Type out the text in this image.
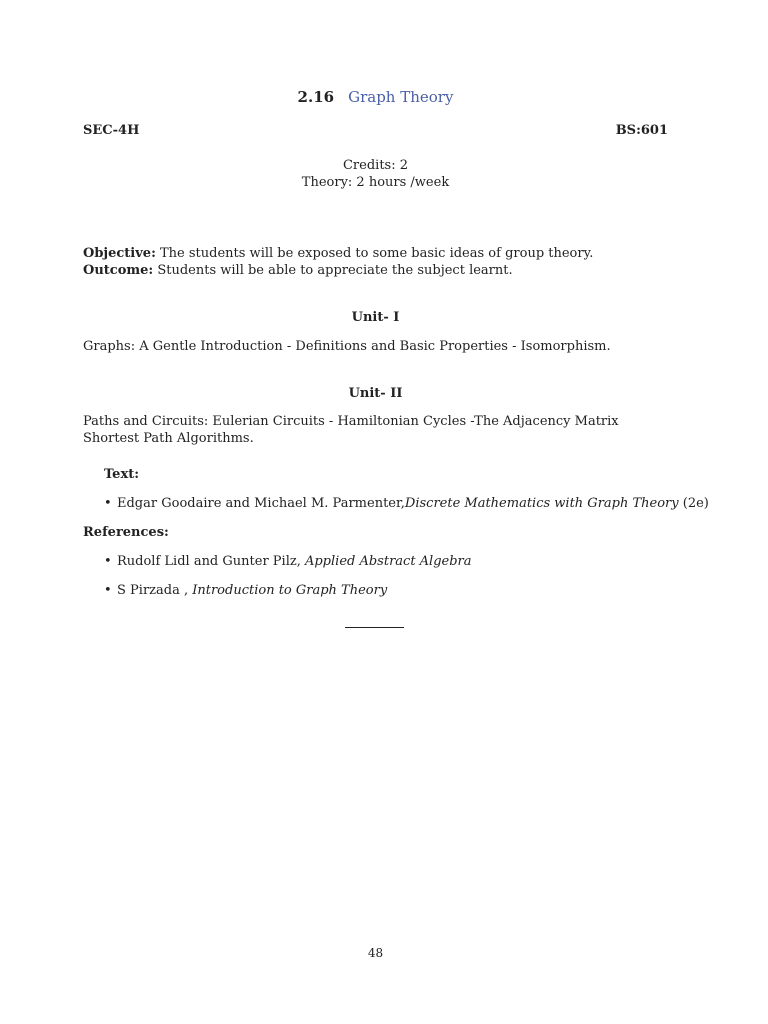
2.16 Graph Theory
SEC-4H	BS:601
Credits: 2
Theory: 2 hours /week
Objective: The students will be exposed to some basic ideas of group theory.
Outcome: Students will be able to appreciate the subject learnt.
Unit- I
Graphs: A Gentle Introduction - Definitions and Basic Properties - Isomorphism.
Unit- II
Paths and Circuits: Eulerian Circuits - Hamiltonian Cycles -The Adjacency Matrix Shortest Path Algorithms.
Text:
• Edgar Goodaire and Michael M. Parmenter,Discrete Mathematics with Graph Theory (2e)
References:
• Rudolf Lidl and Gunter Pilz, Applied Abstract Algebra
• S Pirzada , Introduction to Graph Theory
48
